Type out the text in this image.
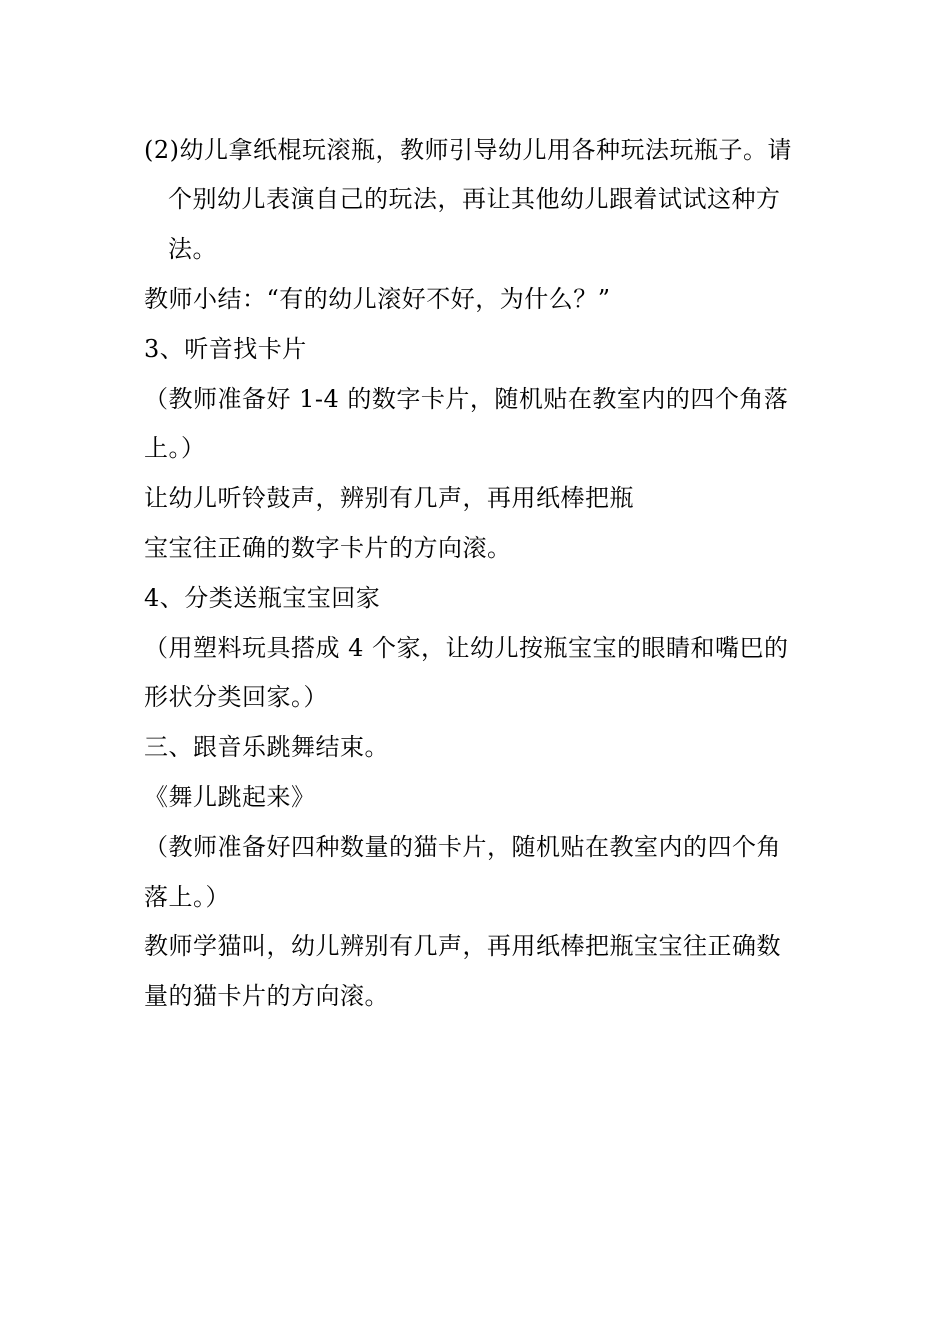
(2)幼儿拿纸棍玩滚瓶，教师引导幼儿用各种玩法玩瓶子。请
个别幼儿表演自己的玩法，再让其他幼儿跟着试试这种方
法。
教师小结：“有的幼儿滚好不好，为什么？”
3、听音找卡片
（教师准备好 1-4 的数字卡片，随机贴在教室内的四个角落
上。）
让幼儿听铃鼓声，辨别有几声，再用纸棒把瓶
宝宝往正确的数字卡片的方向滚。
4、分类送瓶宝宝回家
（用塑料玩具搭成 4 个家，让幼儿按瓶宝宝的眼睛和嘴巴的
形状分类回家。）
三、跟音乐跳舞结束。
《舞儿跳起来》
（教师准备好四种数量的猫卡片，随机贴在教室内的四个角
落上。）
教师学猫叫，幼儿辨别有几声，再用纸棒把瓶宝宝往正确数
量的猫卡片的方向滚。
